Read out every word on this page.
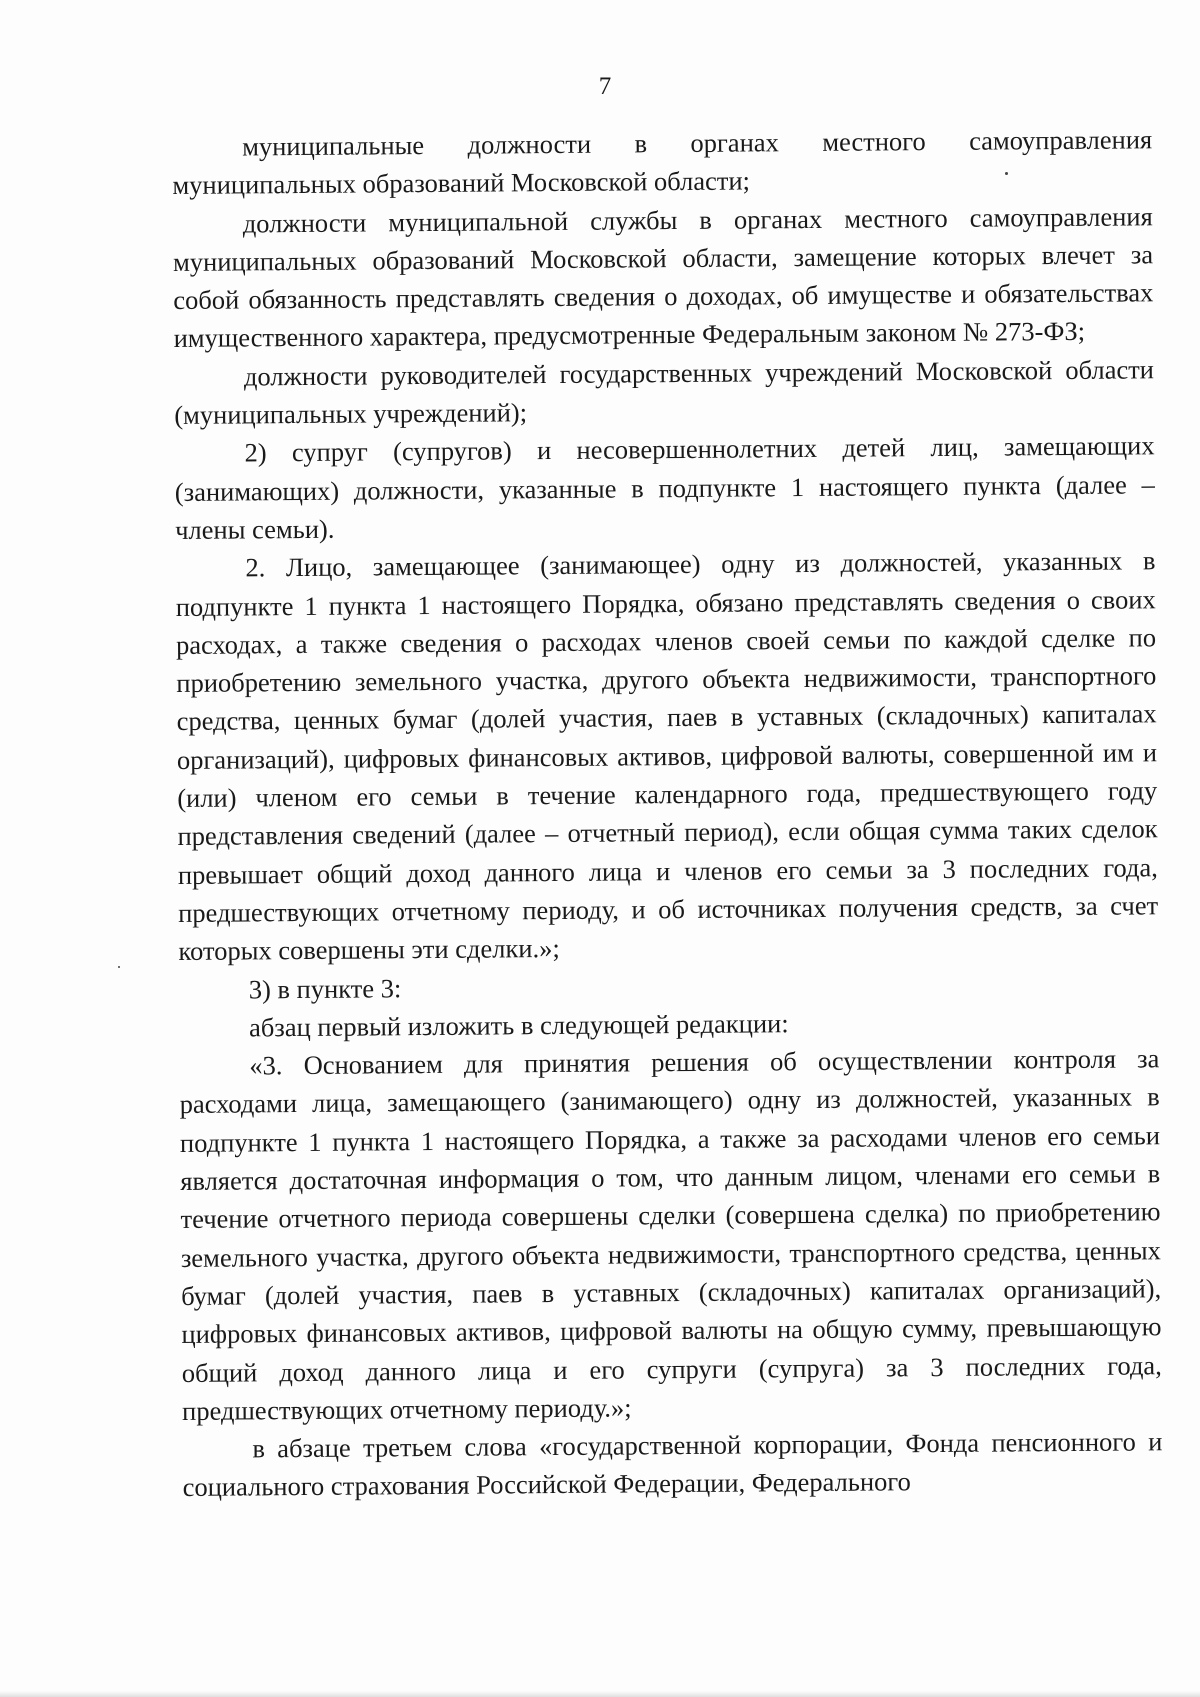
7

муниципальные должности в органах местного самоуправления муниципальных образований Московской области;

должности муниципальной службы в органах местного самоуправления муниципальных образований Московской области, замещение которых влечет за собой обязанность представлять сведения о доходах, об имуществе и обязательствах имущественного характера, предусмотренные Федеральным законом № 273-ФЗ;

должности руководителей государственных учреждений Московской области (муниципальных учреждений);

2) супруг (супругов) и несовершеннолетних детей лиц, замещающих (занимающих) должности, указанные в подпункте 1 настоящего пункта (далее – члены семьи).

2. Лицо, замещающее (занимающее) одну из должностей, указанных в подпункте 1 пункта 1 настоящего Порядка, обязано представлять сведения о своих расходах, а также сведения о расходах членов своей семьи по каждой сделке по приобретению земельного участка, другого объекта недвижимости, транспортного средства, ценных бумаг (долей участия, паев в уставных (складочных) капиталах организаций), цифровых финансовых активов, цифровой валюты, совершенной им и (или) членом его семьи в течение календарного года, предшествующего году представления сведений (далее – отчетный период), если общая сумма таких сделок превышает общий доход данного лица и членов его семьи за 3 последних года, предшествующих отчетному периоду, и об источниках получения средств, за счет которых совершены эти сделки.»;

3) в пункте 3:

абзац первый изложить в следующей редакции:

«3. Основанием для принятия решения об осуществлении контроля за расходами лица, замещающего (занимающего) одну из должностей, указанных в подпункте 1 пункта 1 настоящего Порядка, а также за расходами членов его семьи является достаточная информация о том, что данным лицом, членами его семьи в течение отчетного периода совершены сделки (совершена сделка) по приобретению земельного участка, другого объекта недвижимости, транспортного средства, ценных бумаг (долей участия, паев в уставных (складочных) капиталах организаций), цифровых финансовых активов, цифровой валюты на общую сумму, превышающую общий доход данного лица и его супруги (супруга) за 3 последних года, предшествующих отчетному периоду.»;

в абзаце третьем слова «государственной корпорации, Фонда пенсионного и социального страхования Российской Федерации, Федерального
